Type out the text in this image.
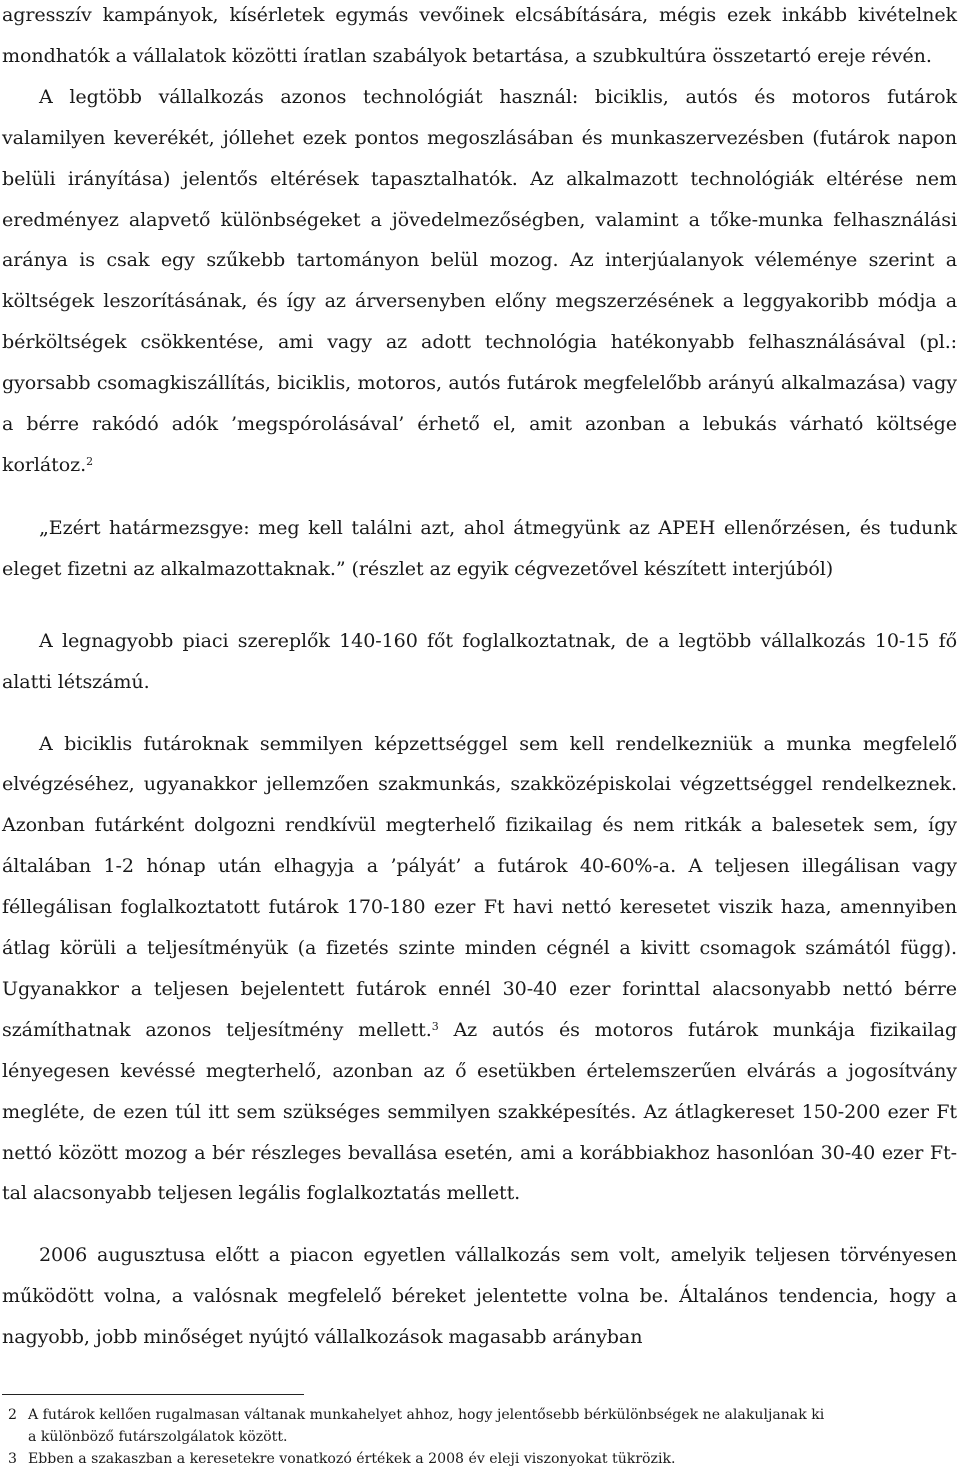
agresszív kampányok, kísérletek egymás vevőinek elcsábítására, mégis ezek inkább kivételnek mondhatók a vállalatok közötti íratlan szabályok betartása, a szubkultúra összetartó ereje révén.

A legtöbb vállalkozás azonos technológiát használ: biciklis, autós és motoros futárok valamilyen keverékét, jóllehet ezek pontos megoszlásában és munkaszervezésben (futárok napon belüli irányítása) jelentős eltérések tapasztalhatók. Az alkalmazott technológiák eltérése nem eredményez alapvető különbségeket a jövedelmezőségben, valamint a tőke-munka felhasználási aránya is csak egy szűkebb tartományon belül mozog. Az interjúalanyok véleménye szerint a költségek leszorításának, és így az árversenyben előny megszerzésének a leggyakoribb módja a bérköltségek csökkentése, ami vagy az adott technológia hatékonyabb felhasználásával (pl.: gyorsabb csomagkiszállítás, biciklis, motoros, autós futárok megfelelőbb arányú alkalmazása) vagy a bérre rakódó adók ’megspórolásával’ érhető el, amit azonban a lebukás várható költsége korlátoz.$^2$

„Ezért határmezsgye: meg kell találni azt, ahol átmegyünk az APEH ellenőrzésen, és tudunk eleget fizetni az alkalmazottaknak.” (részlet az egyik cégvezetővel készített interjúból)

A legnagyobb piaci szereplők 140-160 főt foglalkoztatnak, de a legtöbb vállalkozás 10-15 fő alatti létszámú.

A biciklis futároknak semmilyen képzettséggel sem kell rendelkezniük a munka megfelelő elvégzéséhez, ugyanakkor jellemzően szakmunkás, szakközépiskolai végzettséggel rendelkeznek. Azonban futárként dolgozni rendkívül megterhelő fizikailag és nem ritkák a balesetek sem, így általában 1-2 hónap után elhagyja a ’pályát’ a futárok 40-60%-a. A teljesen illegálisan vagy féllegálisan foglalkoztatott futárok 170-180 ezer Ft havi nettó keresetet viszik haza, amennyiben átlag körüli a teljesítményük (a fizetés szinte minden cégnél a kivitt csomagok számától függ). Ugyanakkor a teljesen bejelentett futárok ennél 30-40 ezer forinttal alacsonyabb nettó bérre számíthatnak azonos teljesítmény mellett.$^3$ Az autós és motoros futárok munkája fizikailag lényegesen kevéssé megterhelő, azonban az ő esetükben értelemszerűen elvárás a jogosítvány megléte, de ezen túl itt sem szükséges semmilyen szakképesítés. Az átlagkereset 150-200 ezer Ft nettó között mozog a bér részleges bevallása esetén, ami a korábbiakhoz hasonlóan 30-40 ezer Ft-tal alacsonyabb teljesen legális foglalkoztatás mellett.

2006 augusztusa előtt a piacon egyetlen vállalkozás sem volt, amelyik teljesen törvényesen működött volna, a valósnak megfelelő béreket jelentette volna be. Általános tendencia, hogy a nagyobb, jobb minőséget nyújtó vállalkozások magasabb arányban

2 A futárok kellően rugalmasan váltanak munkahelyet ahhoz, hogy jelentősebb bérkülönbségek ne alakuljanak ki
a különböző futárszolgálatok között.

3 Ebben a szakaszban a keresetekre vonatkozó értékek a 2008 év eleji viszonyokat tükrözik.
